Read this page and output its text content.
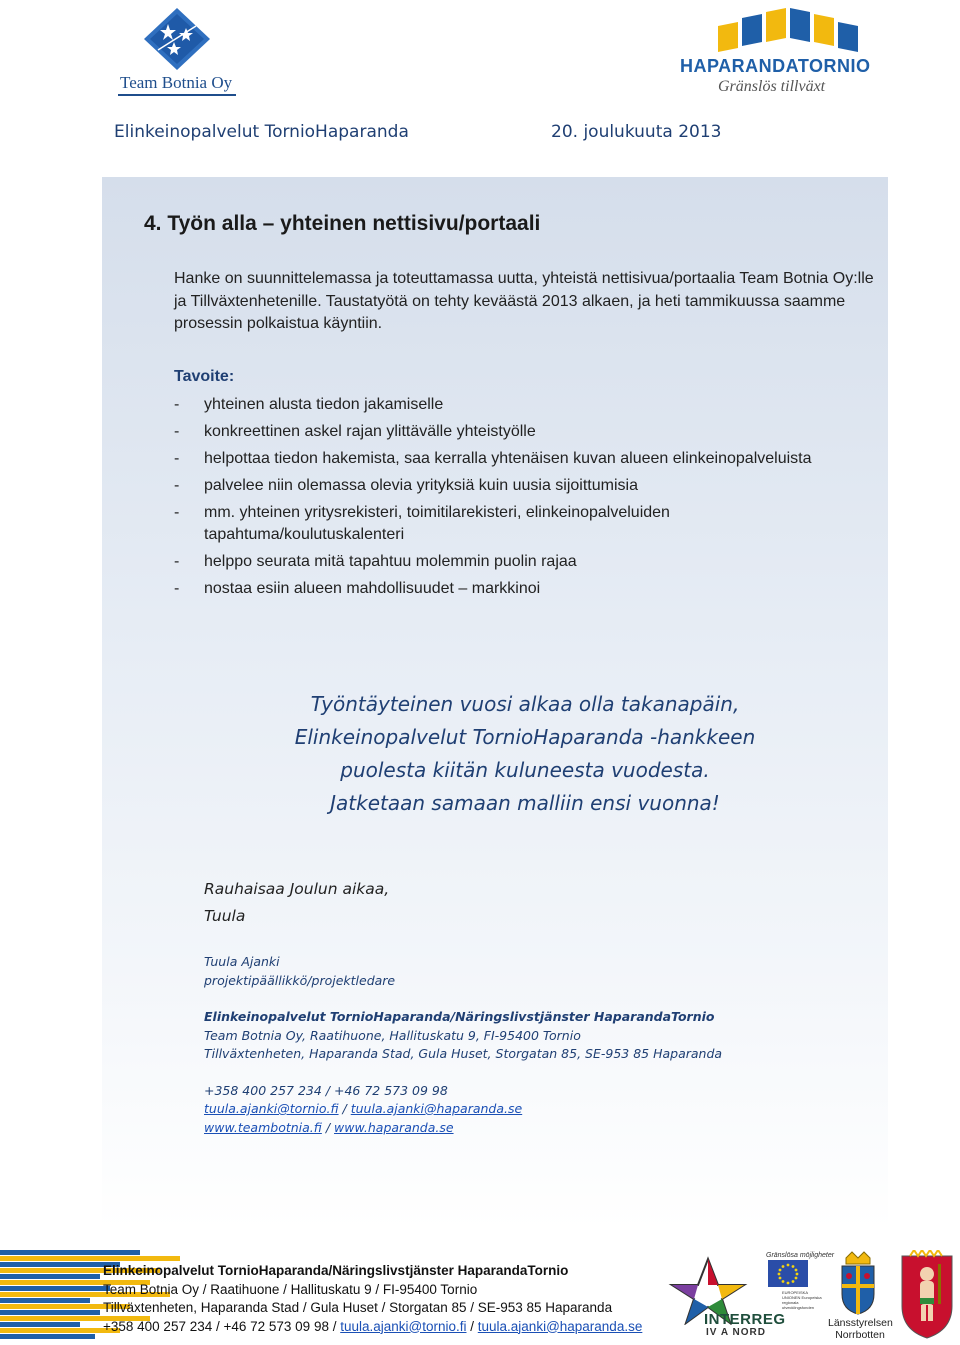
Team Botnia Oy
HAPARANDATORNIO
Gränslös tillväxt
Elinkeinopalvelut TornioHaparanda	20. joulukuuta 2013
4. Työn alla – yhteinen nettisivu/portaali
Hanke on suunnittelemassa ja toteuttamassa uutta, yhteistä nettisivua/portaalia Team Botnia Oy:lle ja Tillväxtenhetenille. Taustatyötä on tehty keväästä 2013 alkaen, ja heti tammikuussa saamme prosessin polkaistua käyntiin.
Tavoite:
- yhteinen alusta tiedon jakamiselle
- konkreettinen askel rajan ylittävälle yhteistyölle
- helpottaa tiedon hakemista, saa kerralla yhtenäisen kuvan alueen elinkeinopalveluista
- palvelee niin olemassa olevia yrityksiä kuin uusia sijoittumisia
- mm. yhteinen yritysrekisteri, toimitilarekisteri, elinkeinopalveluiden tapahtuma/koulutuskalenteri
- helppo seurata mitä tapahtuu molemmin puolin rajaa
- nostaa esiin alueen mahdollisuudet – markkinoi
Työntäyteinen vuosi alkaa olla takanapäin,
Elinkeinopalvelut TornioHaparanda -hankkeen
puolesta kiitän kuluneesta vuodesta.
Jatketaan samaan malliin ensi vuonna!
Rauhaisaa Joulun aikaa,
Tuula
Tuula Ajanki
projektipäällikkö/projektledare
Elinkeinopalvelut TornioHaparanda/Näringslivstjänster HaparandaTornio
Team Botnia Oy, Raatihuone, Hallituskatu 9, FI-95400 Tornio
Tillväxtenheten, Haparanda Stad, Gula Huset, Storgatan 85, SE-953 85 Haparanda
+358 400 257 234 / +46 72 573 09 98
tuula.ajanki@tornio.fi / tuula.ajanki@haparanda.se
www.teambotnia.fi / www.haparanda.se
Elinkeinopalvelut TornioHaparanda/Näringslivstjänster HaparandaTornio
Team Botnia Oy / Raatihuone / Hallituskatu 9 / FI-95400 Tornio
Tillväxtenheten, Haparanda Stad / Gula Huset / Storgatan 85 / SE-953 85 Haparanda
+358 400 257 234 / +46 72 573 09 98 / tuula.ajanki@tornio.fi / tuula.ajanki@haparanda.se	INTERREG
IV A NORD
Gränslösa möjligheter
EUROPEISKA UNIONEN Europeiska regionala utvecklingsfonden
Länsstyrelsen Norrbotten
